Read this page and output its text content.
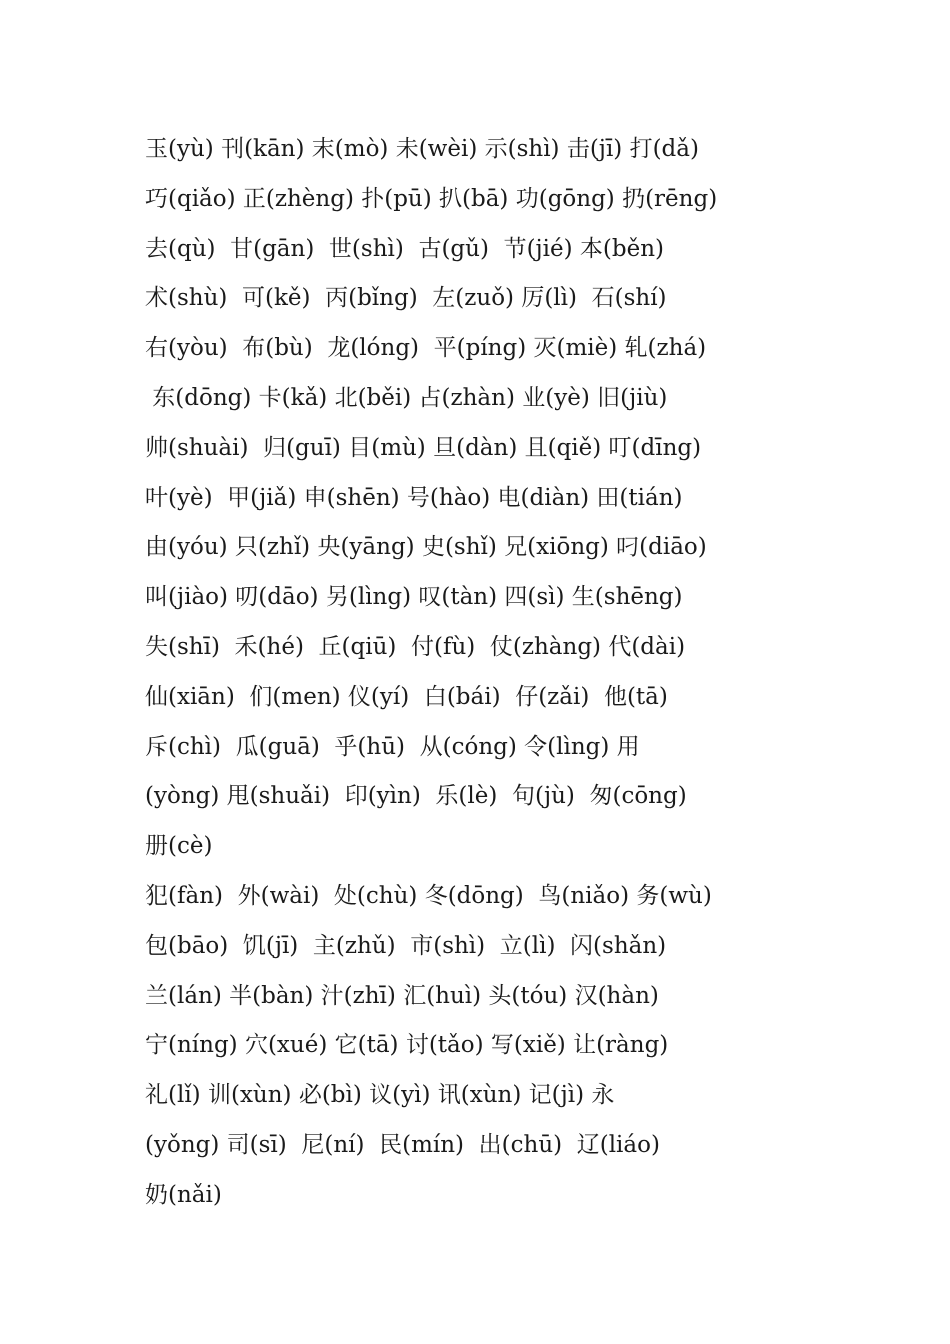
玉(yù) 刊(kān) 末(mò) 未(wèi) 示(shì) 击(jī) 打(dǎ)
巧(qiǎo) 正(zhèng) 扑(pū) 扒(bā) 功(gōng) 扔(rēng)
去(qù)  甘(gān)  世(shì)  古(gǔ)  节(jié) 本(běn)
术(shù)  可(kě)  丙(bǐng)  左(zuǒ) 厉(lì)  石(shí)
右(yòu)  布(bù)  龙(lóng)  平(píng) 灭(miè) 轧(zhá)
东(dōng) 卡(kǎ) 北(běi) 占(zhàn) 业(yè) 旧(jiù)
帅(shuài)  归(guī) 目(mù) 旦(dàn) 且(qiě) 叮(dīng)
叶(yè)  甲(jiǎ) 申(shēn) 号(hào) 电(diàn) 田(tián)
由(yóu) 只(zhǐ) 央(yāng) 史(shǐ) 兄(xiōng) 叼(diāo)
叫(jiào) 叨(dāo) 另(lìng) 叹(tàn) 四(sì) 生(shēng)
失(shī)  禾(hé)  丘(qiū)  付(fù)  仗(zhàng) 代(dài)
仙(xiān)  们(men) 仪(yí)  白(bái)  仔(zǎi)  他(tā)
斥(chì)  瓜(guā)  乎(hū)  从(cóng) 令(lìng) 用
(yòng) 甩(shuǎi)  印(yìn)  乐(lè)  句(jù)  匆(cōng)
册(cè)
犯(fàn)  外(wài)  处(chù) 冬(dōng)  鸟(niǎo) 务(wù)
包(bāo)  饥(jī)  主(zhǔ)  市(shì)  立(lì)  闪(shǎn)
兰(lán) 半(bàn) 汁(zhī) 汇(huì) 头(tóu) 汉(hàn)
宁(níng) 穴(xué) 它(tā) 讨(tǎo) 写(xiě) 让(ràng)
礼(lǐ) 训(xùn) 必(bì) 议(yì) 讯(xùn) 记(jì) 永
(yǒng) 司(sī)  尼(ní)  民(mín)  出(chū)  辽(liáo)
奶(nǎi)
